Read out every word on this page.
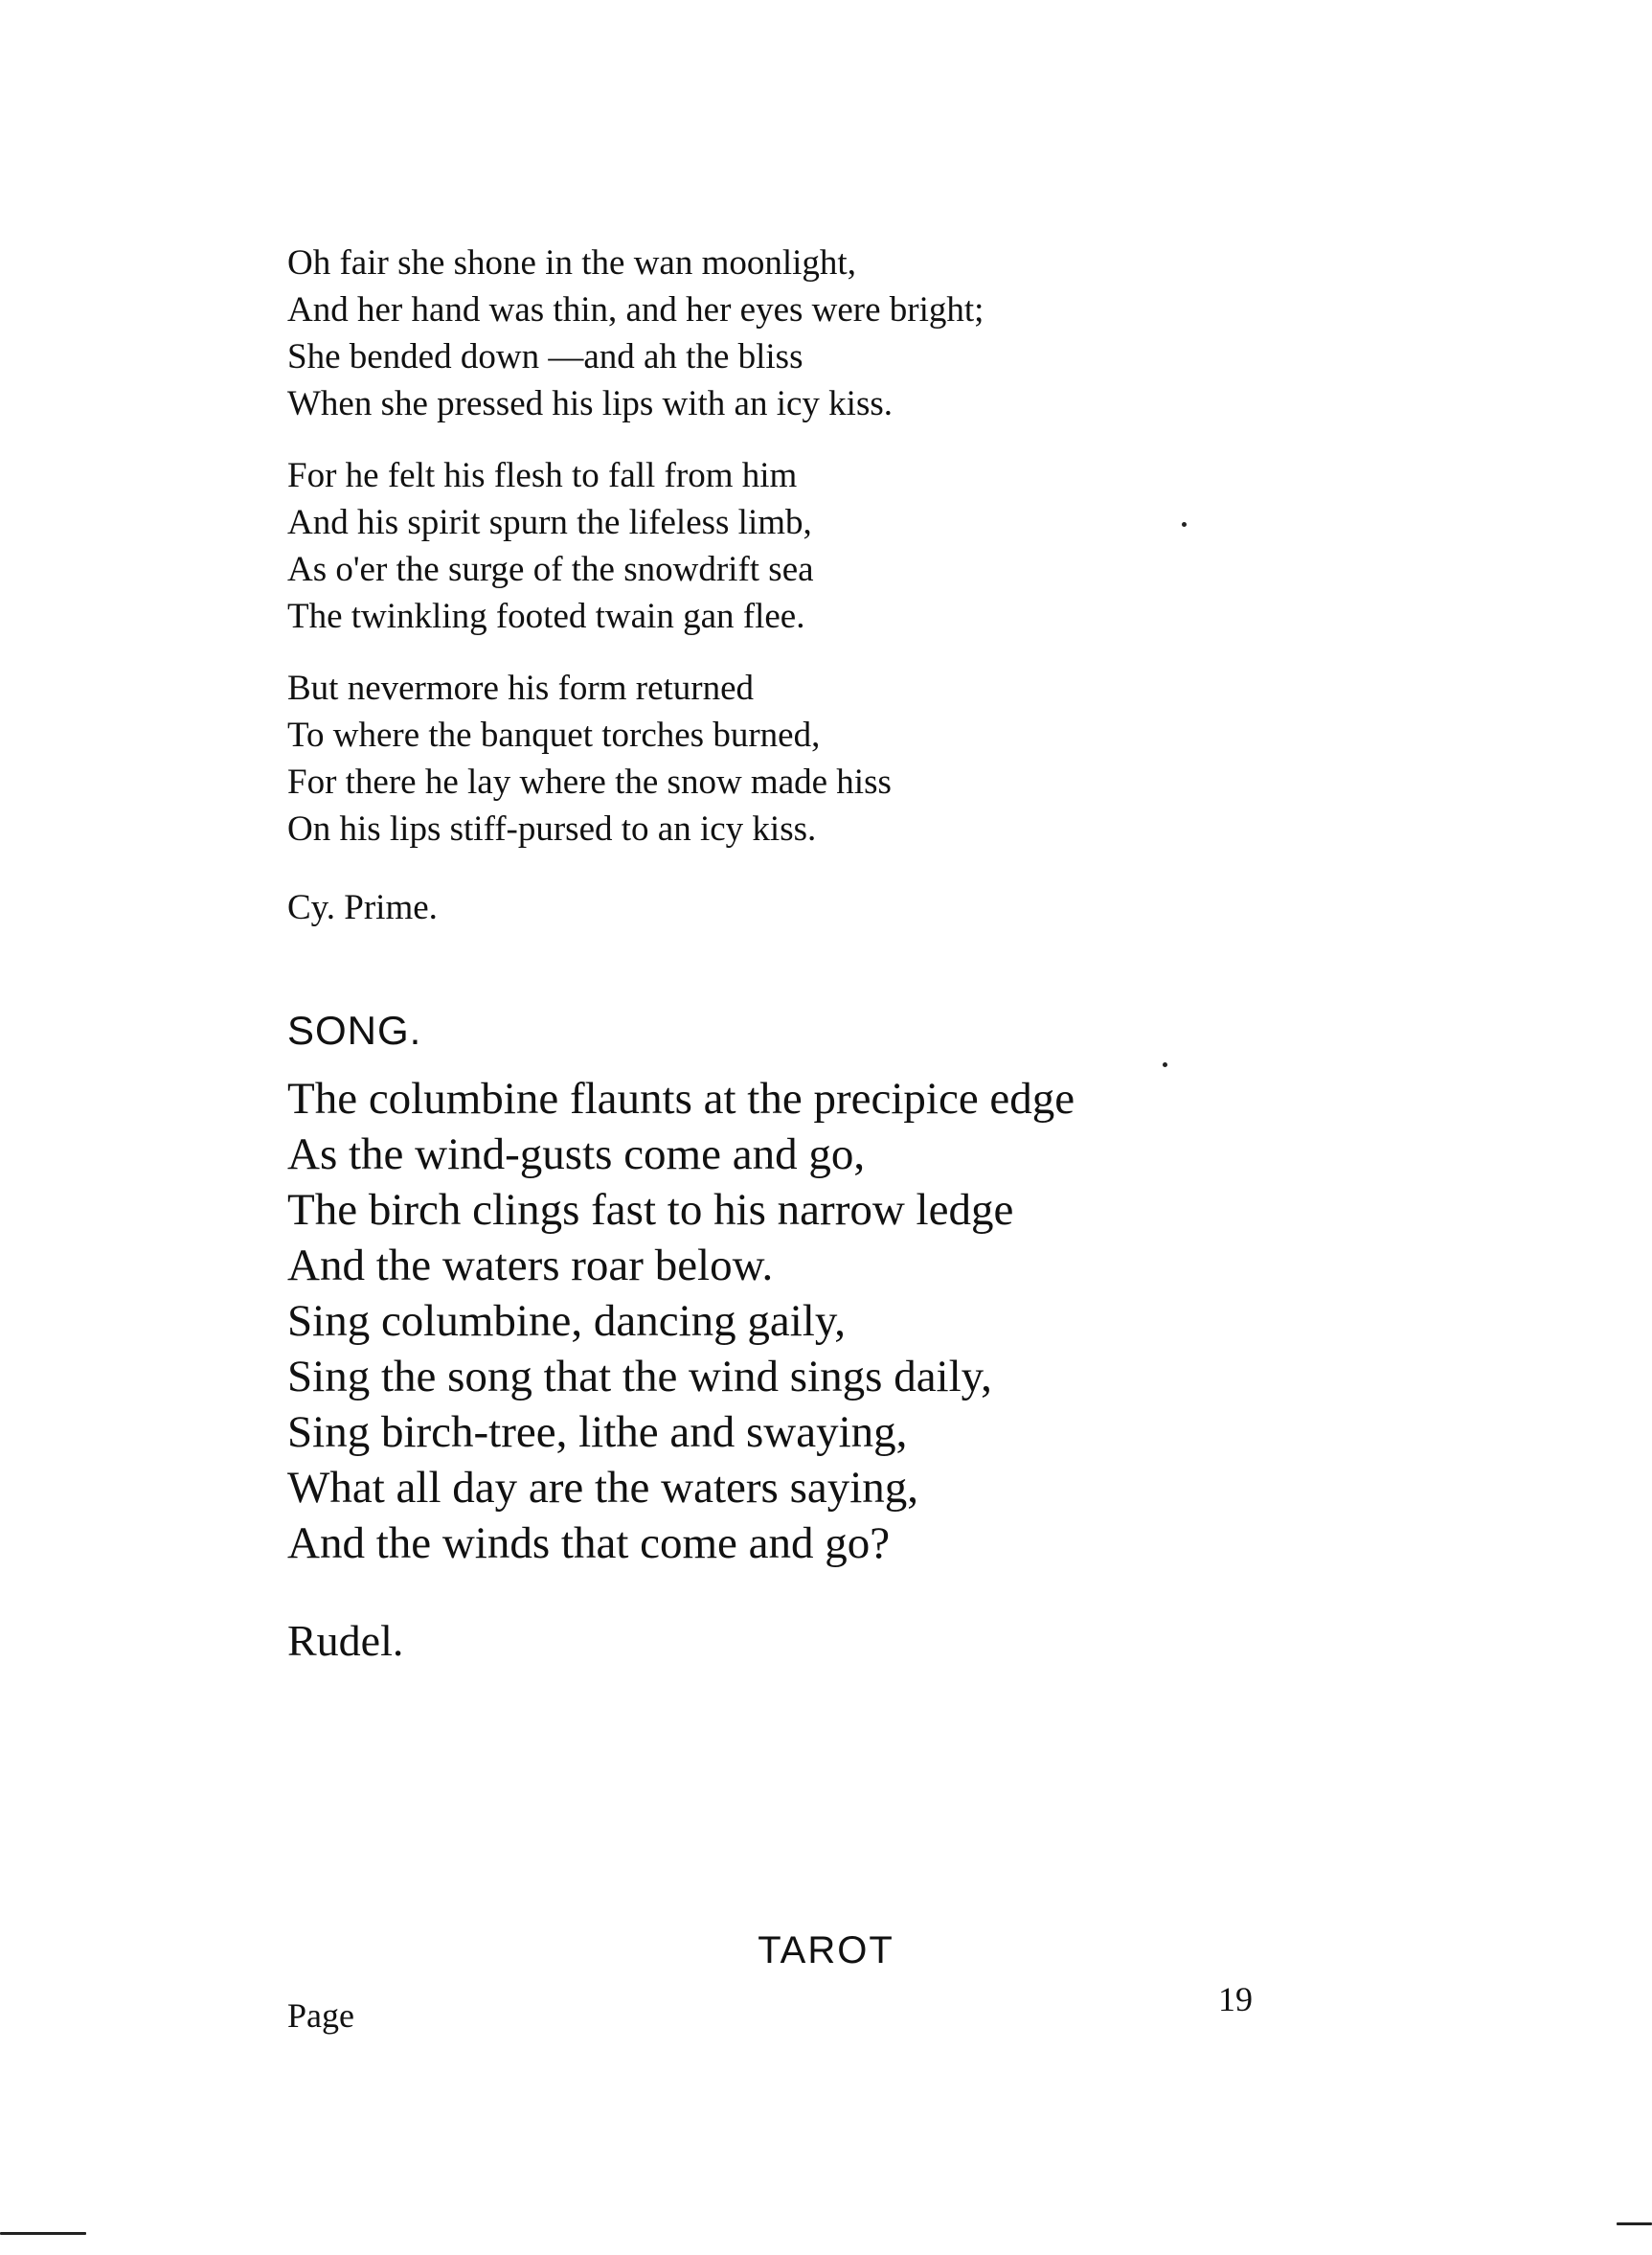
Oh fair she shone in the wan moonlight,
And her hand was thin, and her eyes were bright;
She bended down —and ah the bliss
When she pressed his lips with an icy kiss.
For he felt his flesh to fall from him
And his spirit spurn the lifeless limb,
As o'er the surge of the snowdrift sea
The twinkling footed twain gan flee.
But nevermore his form returned
To where the banquet torches burned,
For there he lay where the snow made hiss
On his lips stiff-pursed to an icy kiss.
Cy. Prime.
SONG.
The columbine flaunts at the precipice edge
As the wind-gusts come and go,
The birch clings fast to his narrow ledge
And the waters roar below.
Sing columbine, dancing gaily,
Sing the song that the wind sings daily,
Sing birch-tree, lithe and swaying,
What all day are the waters saying,
And the winds that come and go?
Rudel.
TAROT
Page	19
